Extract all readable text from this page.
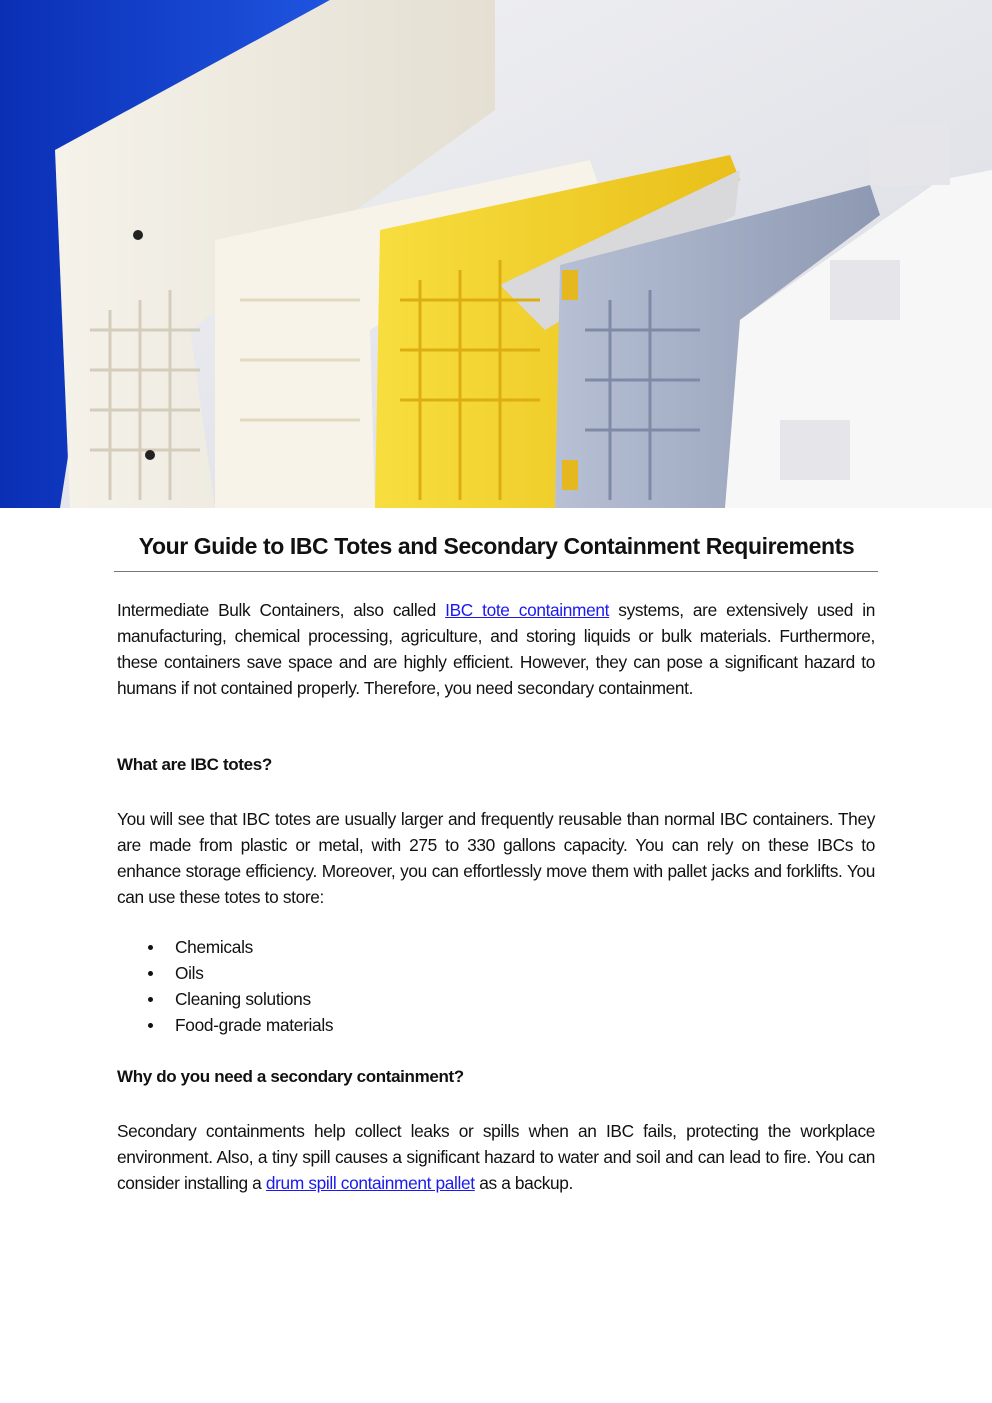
Your Guide to IBC Totes and Secondary Containment Requirements

Intermediate Bulk Containers, also called IBC tote containment systems, are extensively used in manufacturing, chemical processing, agriculture, and storing liquids or bulk materials. Furthermore, these containers save space and are highly efficient. However, they can pose a significant hazard to humans if not contained properly. Therefore, you need secondary containment.

What are IBC totes?

You will see that IBC totes are usually larger and frequently reusable than normal IBC containers. They are made from plastic or metal, with 275 to 330 gallons capacity. You can rely on these IBCs to enhance storage efficiency. Moreover, you can effortlessly move them with pallet jacks and forklifts. You can use these totes to store:

Chemicals
Oils
Cleaning solutions
Food-grade materials
Why do you need a secondary containment?

Secondary containments help collect leaks or spills when an IBC fails, protecting the workplace environment. Also, a tiny spill causes a significant hazard to water and soil and can lead to fire. You can consider installing a drum spill containment pallet as a backup.
